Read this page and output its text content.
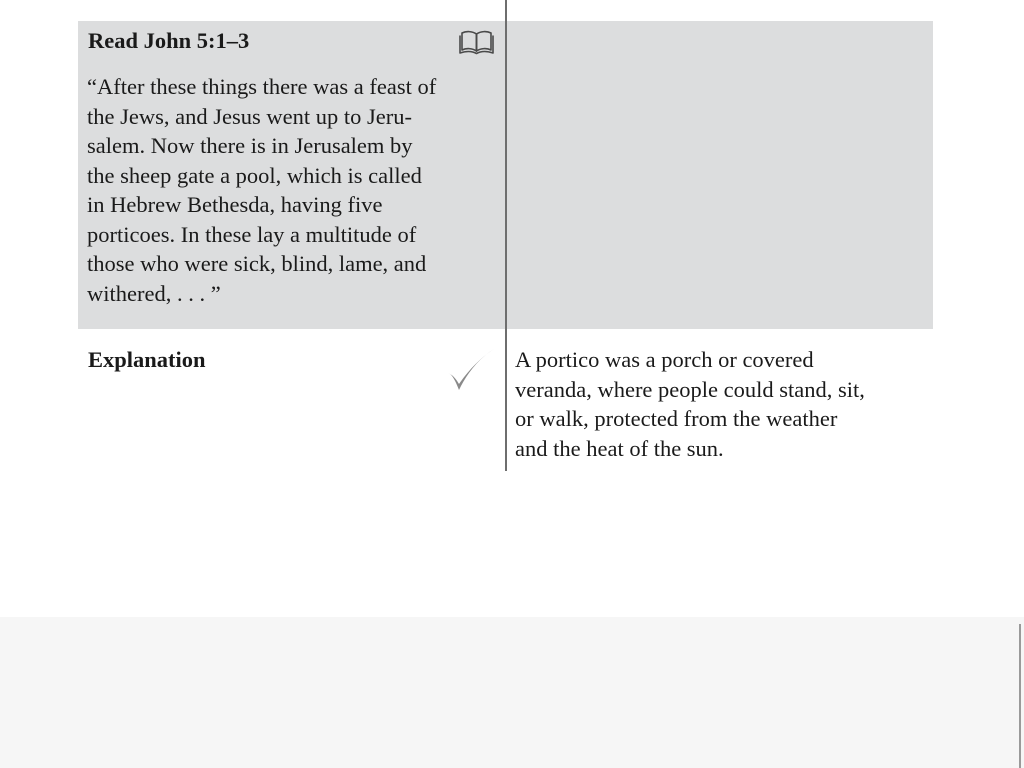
Read John 5:1–3

“After these things there was a feast of
the Jews, and Jesus went up to Jeru-
salem. Now there is in Jerusalem by
the sheep gate a pool, which is called
in Hebrew Bethesda, having five
porticoes. In these lay a multitude of
those who were sick, blind, lame, and
withered, . . . ”

Explanation	A portico was a porch or covered
veranda, where people could stand, sit,
or walk, protected from the weather
and the heat of the sun.
